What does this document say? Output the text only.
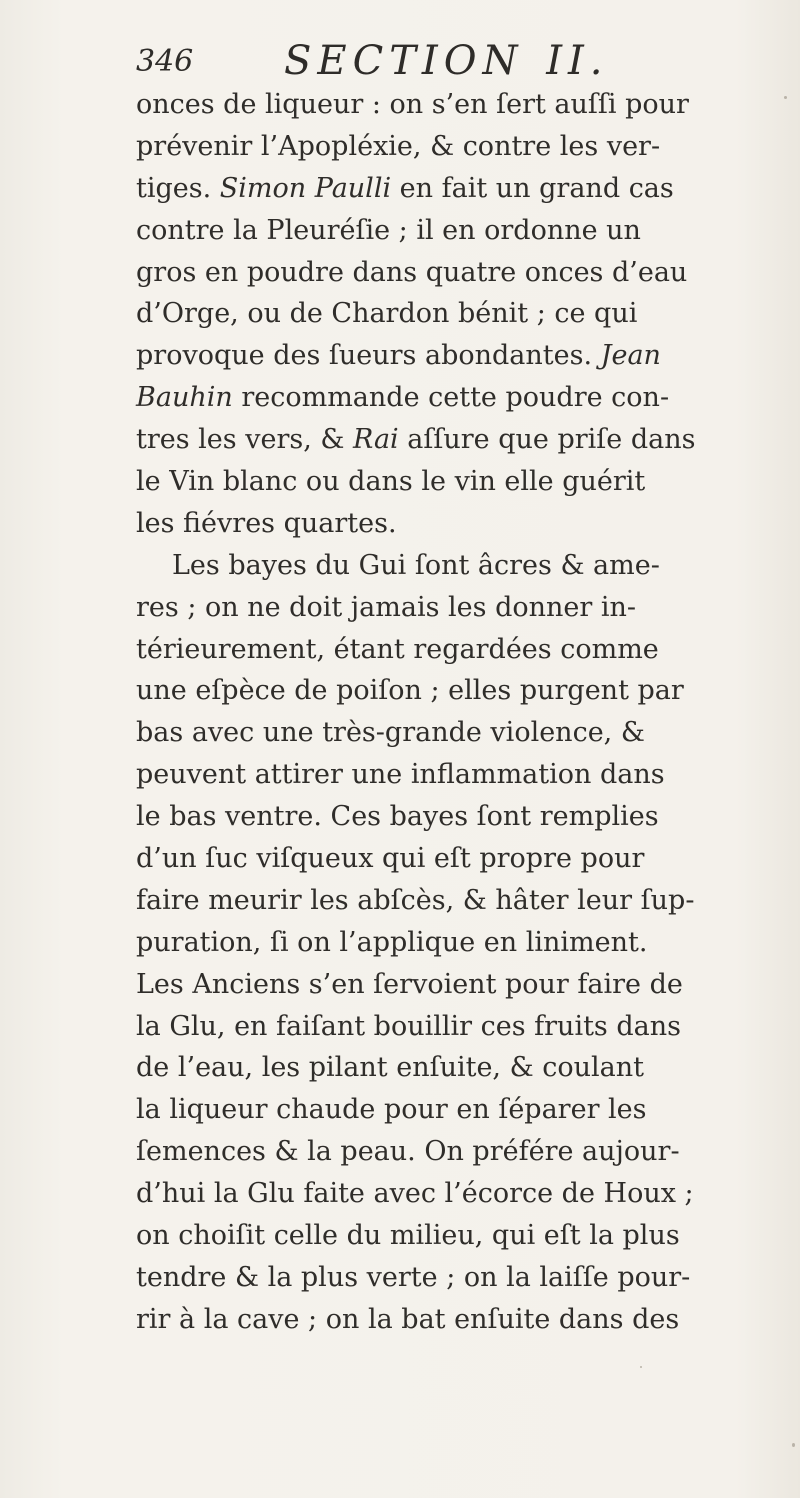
346 SECTION II.
onces de liqueur : on s’en ſert auſſi pour
prévenir l’Apopléxie, & contre les ver-
tiges. Simon Paulli en fait un grand cas
contre la Pleuréſie ; il en ordonne un
gros en poudre dans quatre onces d’eau
d’Orge, ou de Chardon bénit ; ce qui
provoque des ſueurs abondantes. Jean
Bauhin recommande cette poudre con-
tres les vers, & Rai aſſure que priſe dans
le Vin blanc ou dans le vin elle guérit
les fiévres quartes.
Les bayes du Gui ſont âcres & ame-
res ; on ne doit jamais les donner in-
térieurement, étant regardées comme
une eſpèce de poiſon ; elles purgent par
bas avec une très-grande violence, &
peuvent attirer une inflammation dans
le bas ventre. Ces bayes ſont remplies
d’un ſuc viſqueux qui eſt propre pour
faire meurir les abſcès, & hâter leur ſup-
puration, ſi on l’applique en liniment.
Les Anciens s’en ſervoient pour faire de
la Glu, en faiſant bouillir ces fruits dans
de l’eau, les pilant enſuite, & coulant
la liqueur chaude pour en ſéparer les
ſemences & la peau. On préfére aujour-
d’hui la Glu faite avec l’écorce de Houx ;
on choiſit celle du milieu, qui eſt la plus
tendre & la plus verte ; on la laiſſe pour-
rir à la cave ; on la bat enſuite dans des
